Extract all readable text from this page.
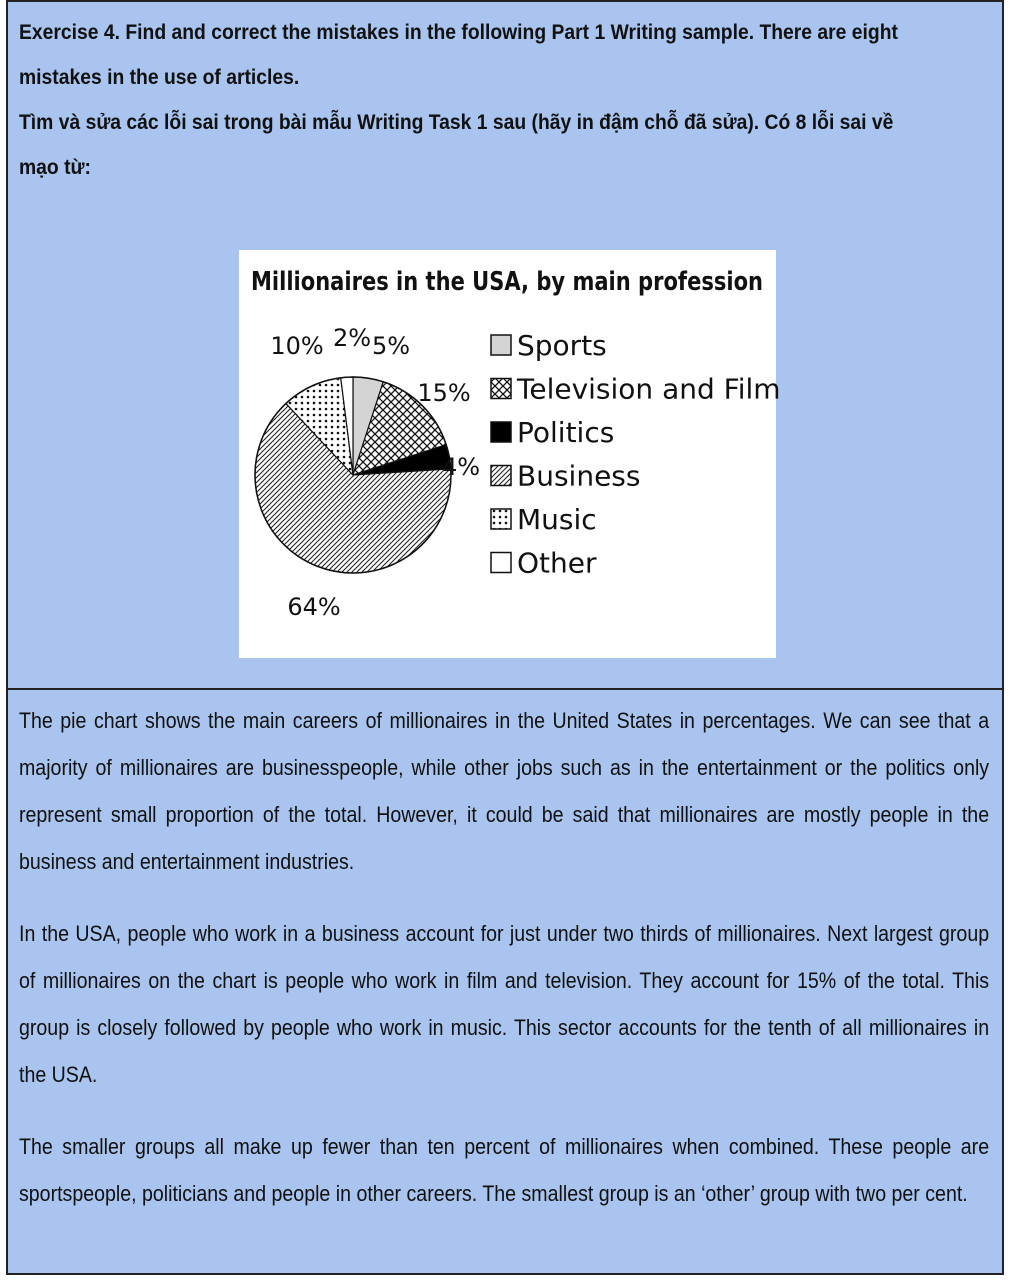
Exercise 4. Find and correct the mistakes in the following Part 1 Writing sample. There are eight mistakes in the use of articles.

Tìm và sửa các lỗi sai trong bài mẫu Writing Task 1 sau (hãy in đậm chỗ đã sửa). Có 8 lỗi sai về mạo từ:

Millionaires in the USA, by main profession
5%
15%
4%
64%
10% 2%	Sports
Television and Film
Politics
Business
Music
Other

The pie chart shows the main careers of millionaires in the United States in percentages. We can see that a majority of millionaires are businesspeople, while other jobs such as in the entertainment or the politics only represent small proportion of the total. However, it could be said that millionaires are mostly people in the business and entertainment industries.

In the USA, people who work in a business account for just under two thirds of millionaires. Next largest group of millionaires on the chart is people who work in film and television. They account for 15% of the total. This group is closely followed by people who work in music. This sector accounts for the tenth of all millionaires in the USA.

The smaller groups all make up fewer than ten percent of millionaires when combined. These people are sportspeople, politicians and people in other careers. The smallest group is an ‘other’ group with two per cent.
